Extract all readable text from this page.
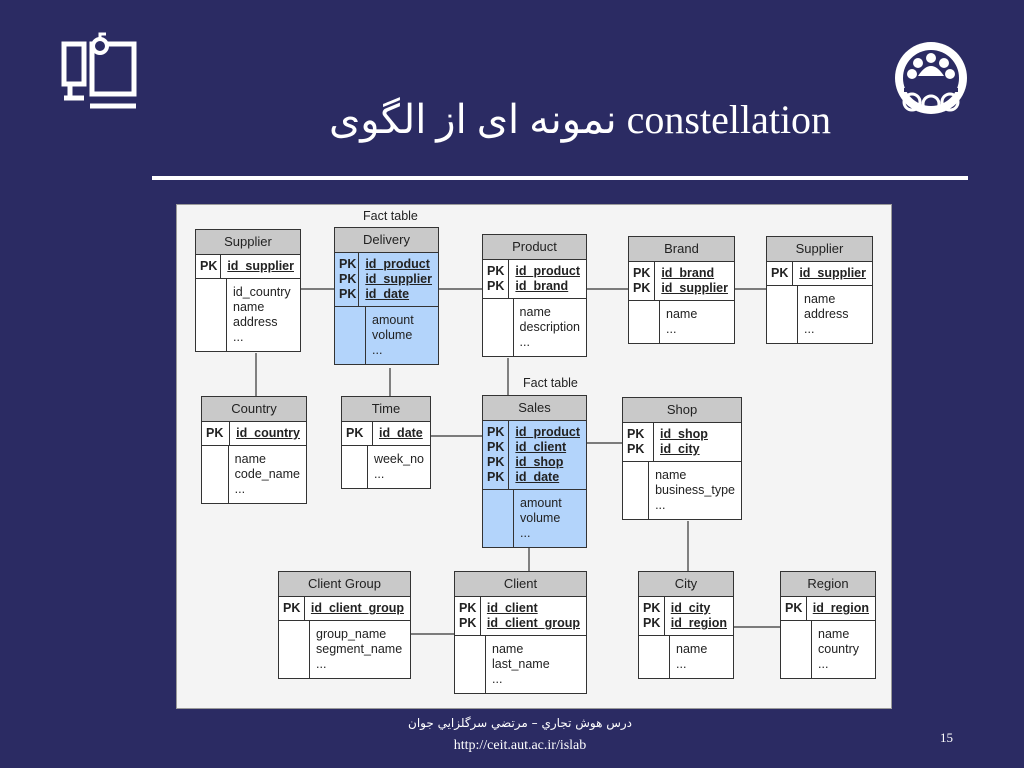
نمونه ای از الگوی constellation
Fact table
Fact table
Supplier
PK id_supplier
id_country
name
address
...
Delivery
PK
PK
PK
id_product
id_supplier
id_date
amount
volume
...
Product
PK
PK
id_product
id_brand
name
description
...
Brand
PK
PK
id_brand
id_supplier
name
...
Supplier
PK id_supplier
name
address
...
Country
PK	id_country
name
code_name
...
Time
PK	id_date
week_no
...
Sales
PK
PK
PK
PK
id_product
id_client
id_shop
id_date
amount
volume
...
Shop
PK
PK
id_shop
id_city
name
business_type
...
Client Group
PK id_client_group
group_name
segment_name
...
Client
PK
PK
id_client
id_client_group
name
last_name
...
City
PK
PK
id_city
id_region
name
...
Region
PK id_region
name
country
...
درس هوش تجاري – مرتضي سرگلزايي جوان
http://ceit.aut.ac.ir/islab
15
